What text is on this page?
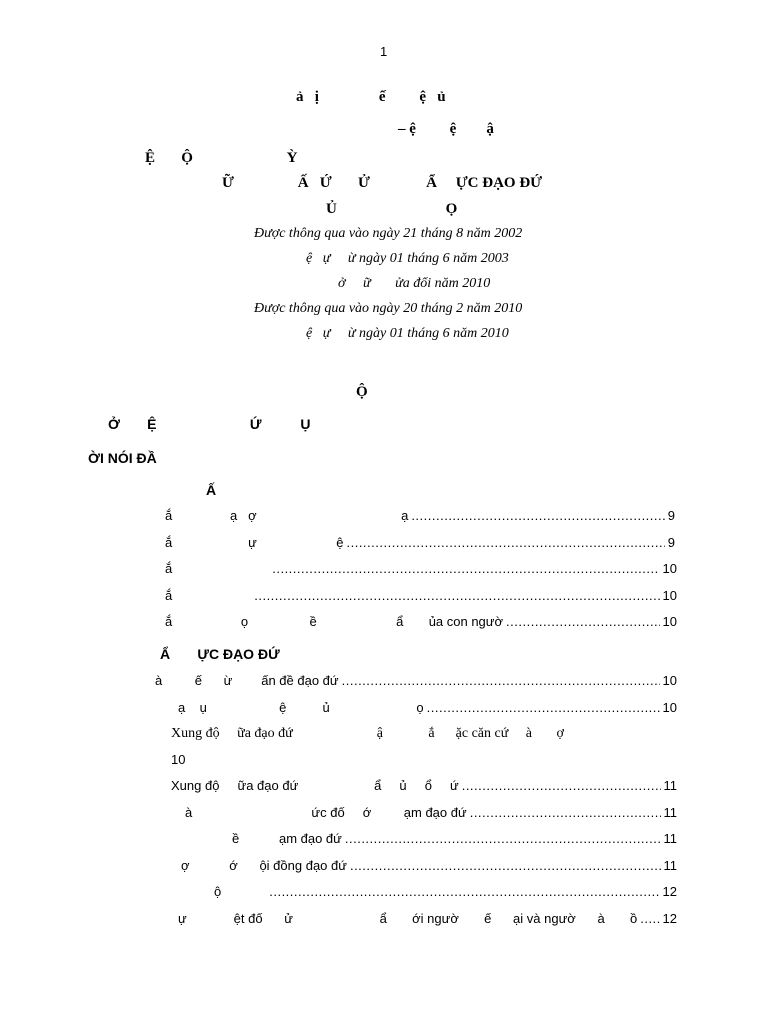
1
ả   ị                ế         ệ   ủ
– ệ         ệ        ậ
Ệ       Ộ                         Ỳ
Ữ                 Ấ   Ứ       Ử               Ẩ     ỰC ĐẠO ĐỨ
Ủ                             Ọ
Được thông qua vào ngày 21 tháng 8 năm 2002
ệ   ự     ừ ngày 01 tháng 6 năm 2003
ở     ữ       ửa đổi năm 2010
Được thông qua vào ngày 20 tháng 2 năm 2010
ệ   ự     ừ ngày 01 tháng 6 năm 2010
Ộ
Ở       Ệ                        Ứ          Ụ
ỜI NÓI ĐẦ
Ấ
ắ                ạ   ợ                                        ạ .....	9
ắ                     ự                      ệ .....	9
ắ .....	10
ắ .....	10
ắ                   ọ                 ề                      ẩ       ủa con ngườ .....	10
Ẩ       ỰC ĐẠO ĐỨ
à         ế      ừ        ấn đề đạo đứ .....	10
ạ    ụ                    ệ          ủ                        ọ .....	10
Xung độ     ữa đạo đứ                        ậ             ắ      ặc căn cứ     à       ợ
10
Xung độ     ữa đạo đứ                     ẩ     ủ     ổ     ứ .....	11
à                                 ức đố     ớ         ạm đạo đứ .....	11
ề           ạm đạo đứ .....	11
ợ           ớ      ội đồng đạo đứ .....	11
ộ .....	12
ự             ệt đố      ử                        ẩ       ới ngườ       ế      ại và ngườ      à       ồ ..... 12
